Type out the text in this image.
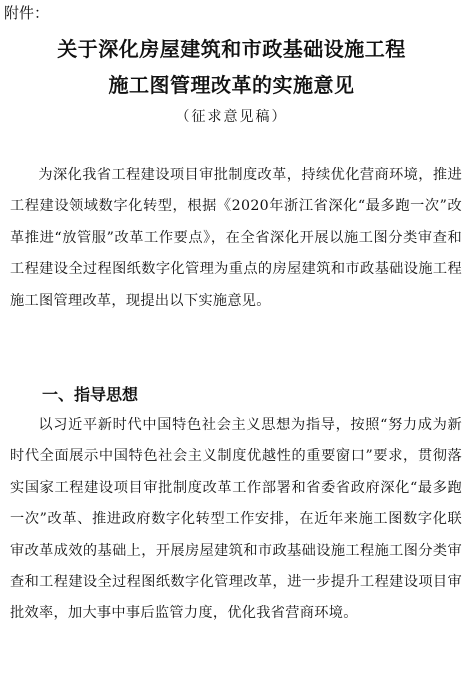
附件：
关于深化房屋建筑和市政基础设施工程
施工图管理改革的实施意见
（征求意见稿）

为深化我省工程建设项目审批制度改革，持续优化营商环境，推进工程建设领域数字化转型，根据《2020年浙江省深化“最多跑一次”改革推进“放管服”改革工作要点》，在全省深化开展以施工图分类审查和工程建设全过程图纸数字化管理为重点的房屋建筑和市政基础设施工程施工图管理改革，现提出以下实施意见。

一、指导思想

以习近平新时代中国特色社会主义思想为指导，按照“努力成为新时代全面展示中国特色社会主义制度优越性的重要窗口”要求，贯彻落实国家工程建设项目审批制度改革工作部署和省委省政府深化“最多跑一次”改革、推进政府数字化转型工作安排，在近年来施工图数字化联审改革成效的基础上，开展房屋建筑和市政基础设施工程施工图分类审查和工程建设全过程图纸数字化管理改革，进一步提升工程建设项目审批效率，加大事中事后监管力度，优化我省营商环境。
